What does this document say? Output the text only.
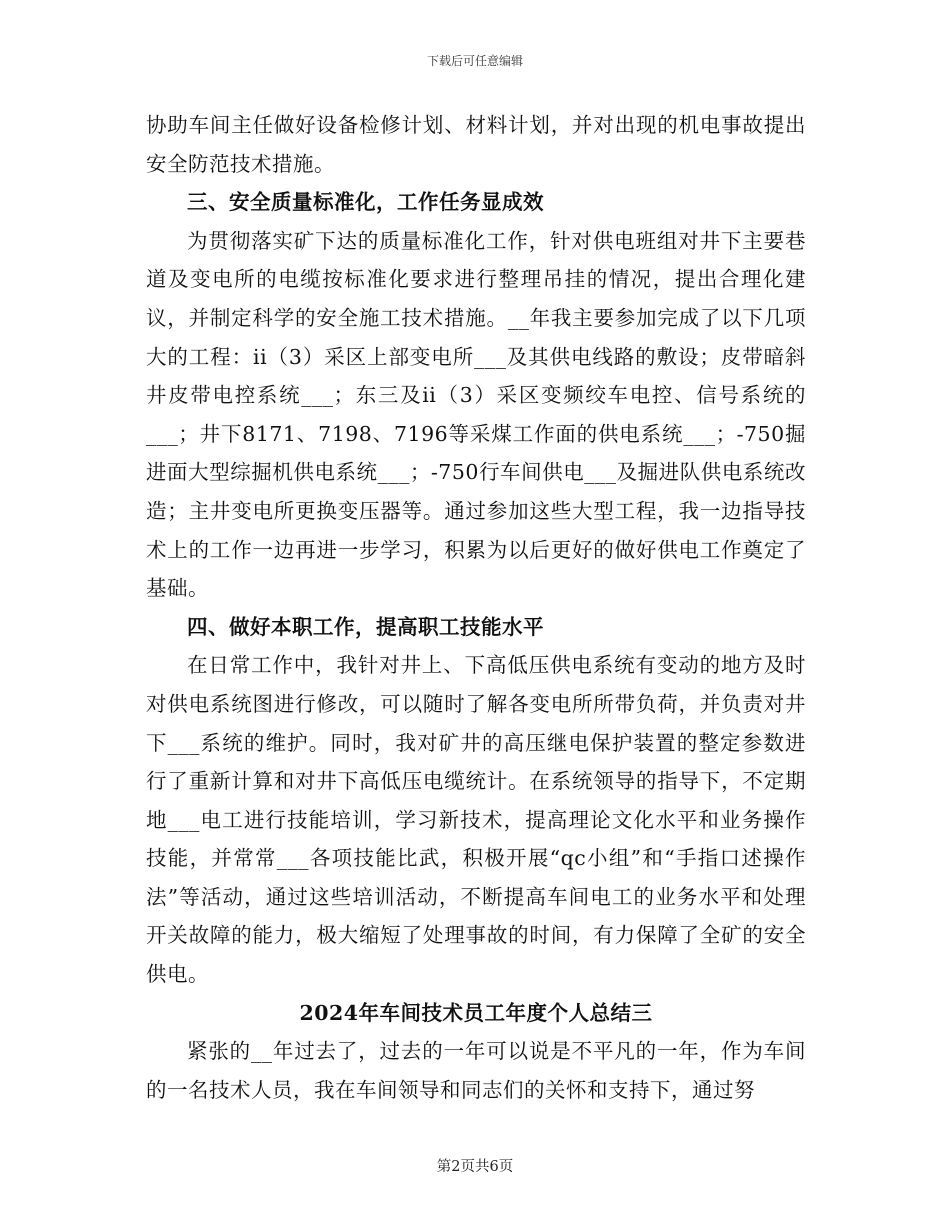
下载后可任意编辑

协助车间主任做好设备检修计划、材料计划，并对出现的机电事故提出安全防范技术措施。

三、安全质量标准化，工作任务显成效

为贯彻落实矿下达的质量标准化工作，针对供电班组对井下主要巷道及变电所的电缆按标准化要求进行整理吊挂的情况，提出合理化建议，并制定科学的安全施工技术措施。__年我主要参加完成了以下几项大的工程：ii（3）采区上部变电所___及其供电线路的敷设；皮带暗斜井皮带电控系统___；东三及ii（3）采区变频绞车电控、信号系统的___；井下8171、7198、7196等采煤工作面的供电系统___；-750掘进面大型综掘机供电系统___；-750行车间供电___及掘进队供电系统改造；主井变电所更换变压器等。通过参加这些大型工程，我一边指导技术上的工作一边再进一步学习，积累为以后更好的做好供电工作奠定了基础。

四、做好本职工作，提高职工技能水平

在日常工作中，我针对井上、下高低压供电系统有变动的地方及时对供电系统图进行修改，可以随时了解各变电所所带负荷，并负责对井下___系统的维护。同时，我对矿井的高压继电保护装置的整定参数进行了重新计算和对井下高低压电缆统计。在系统领导的指导下，不定期地___电工进行技能培训，学习新技术，提高理论文化水平和业务操作技能，并常常___各项技能比武，积极开展“qc小组”和“手指口述操作法”等活动，通过这些培训活动，不断提高车间电工的业务水平和处理开关故障的能力，极大缩短了处理事故的时间，有力保障了全矿的安全供电。

2024年车间技术员工年度个人总结三

紧张的__年过去了，过去的一年可以说是不平凡的一年，作为车间的一名技术人员，我在车间领导和同志们的关怀和支持下，通过努

第2页共6页
